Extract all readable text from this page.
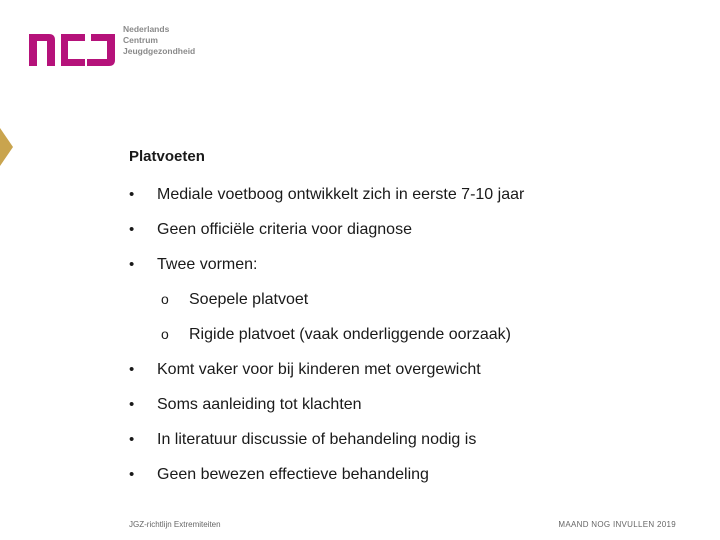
Nederlands
Centrum
Jeugdgezondheid
Platvoeten
• Mediale voetboog ontwikkelt zich in eerste 7-10 jaar
• Geen officiële criteria voor diagnose
• Twee vormen:
o Soepele platvoet
o Rigide platvoet (vaak onderliggende oorzaak)
• Komt vaker voor bij kinderen met overgewicht
• Soms aanleiding tot klachten
• In literatuur discussie of behandeling nodig is
• Geen bewezen effectieve behandeling
JGZ-richtlijn Extremiteiten	MAAND NOG INVULLEN 2019
